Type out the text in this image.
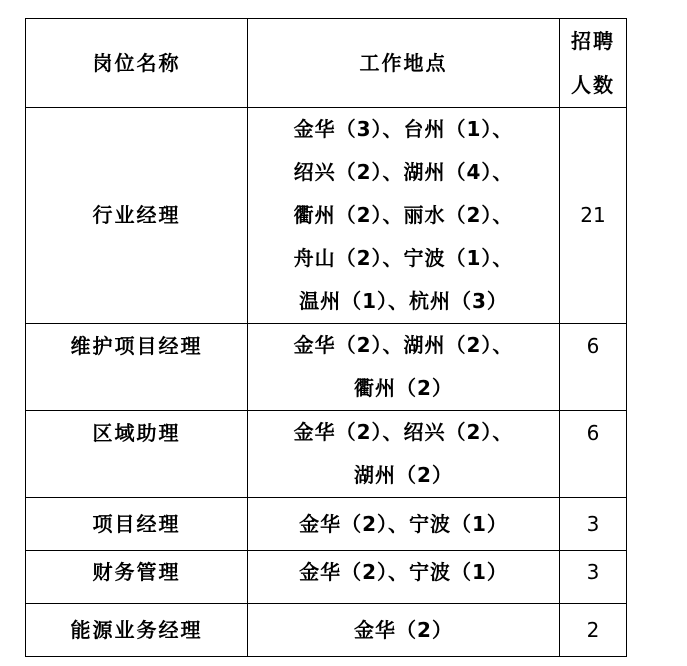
岗位名称	工作地点	招聘
人数

行业经理	金华（3）、台州（1）、
绍兴（2）、湖州（4）、
衢州（2）、丽水（2）、
舟山（2）、宁波（1）、
温州（1）、杭州（3）	21
维护项目经理	金华（2）、湖州（2）、
衢州（2）	6
区域助理	金华（2）、绍兴（2）、
湖州（2）	6
项目经理	金华（2）、宁波（1）	3
财务管理	金华（2）、宁波（1）	3
能源业务经理	金华（2）	2
